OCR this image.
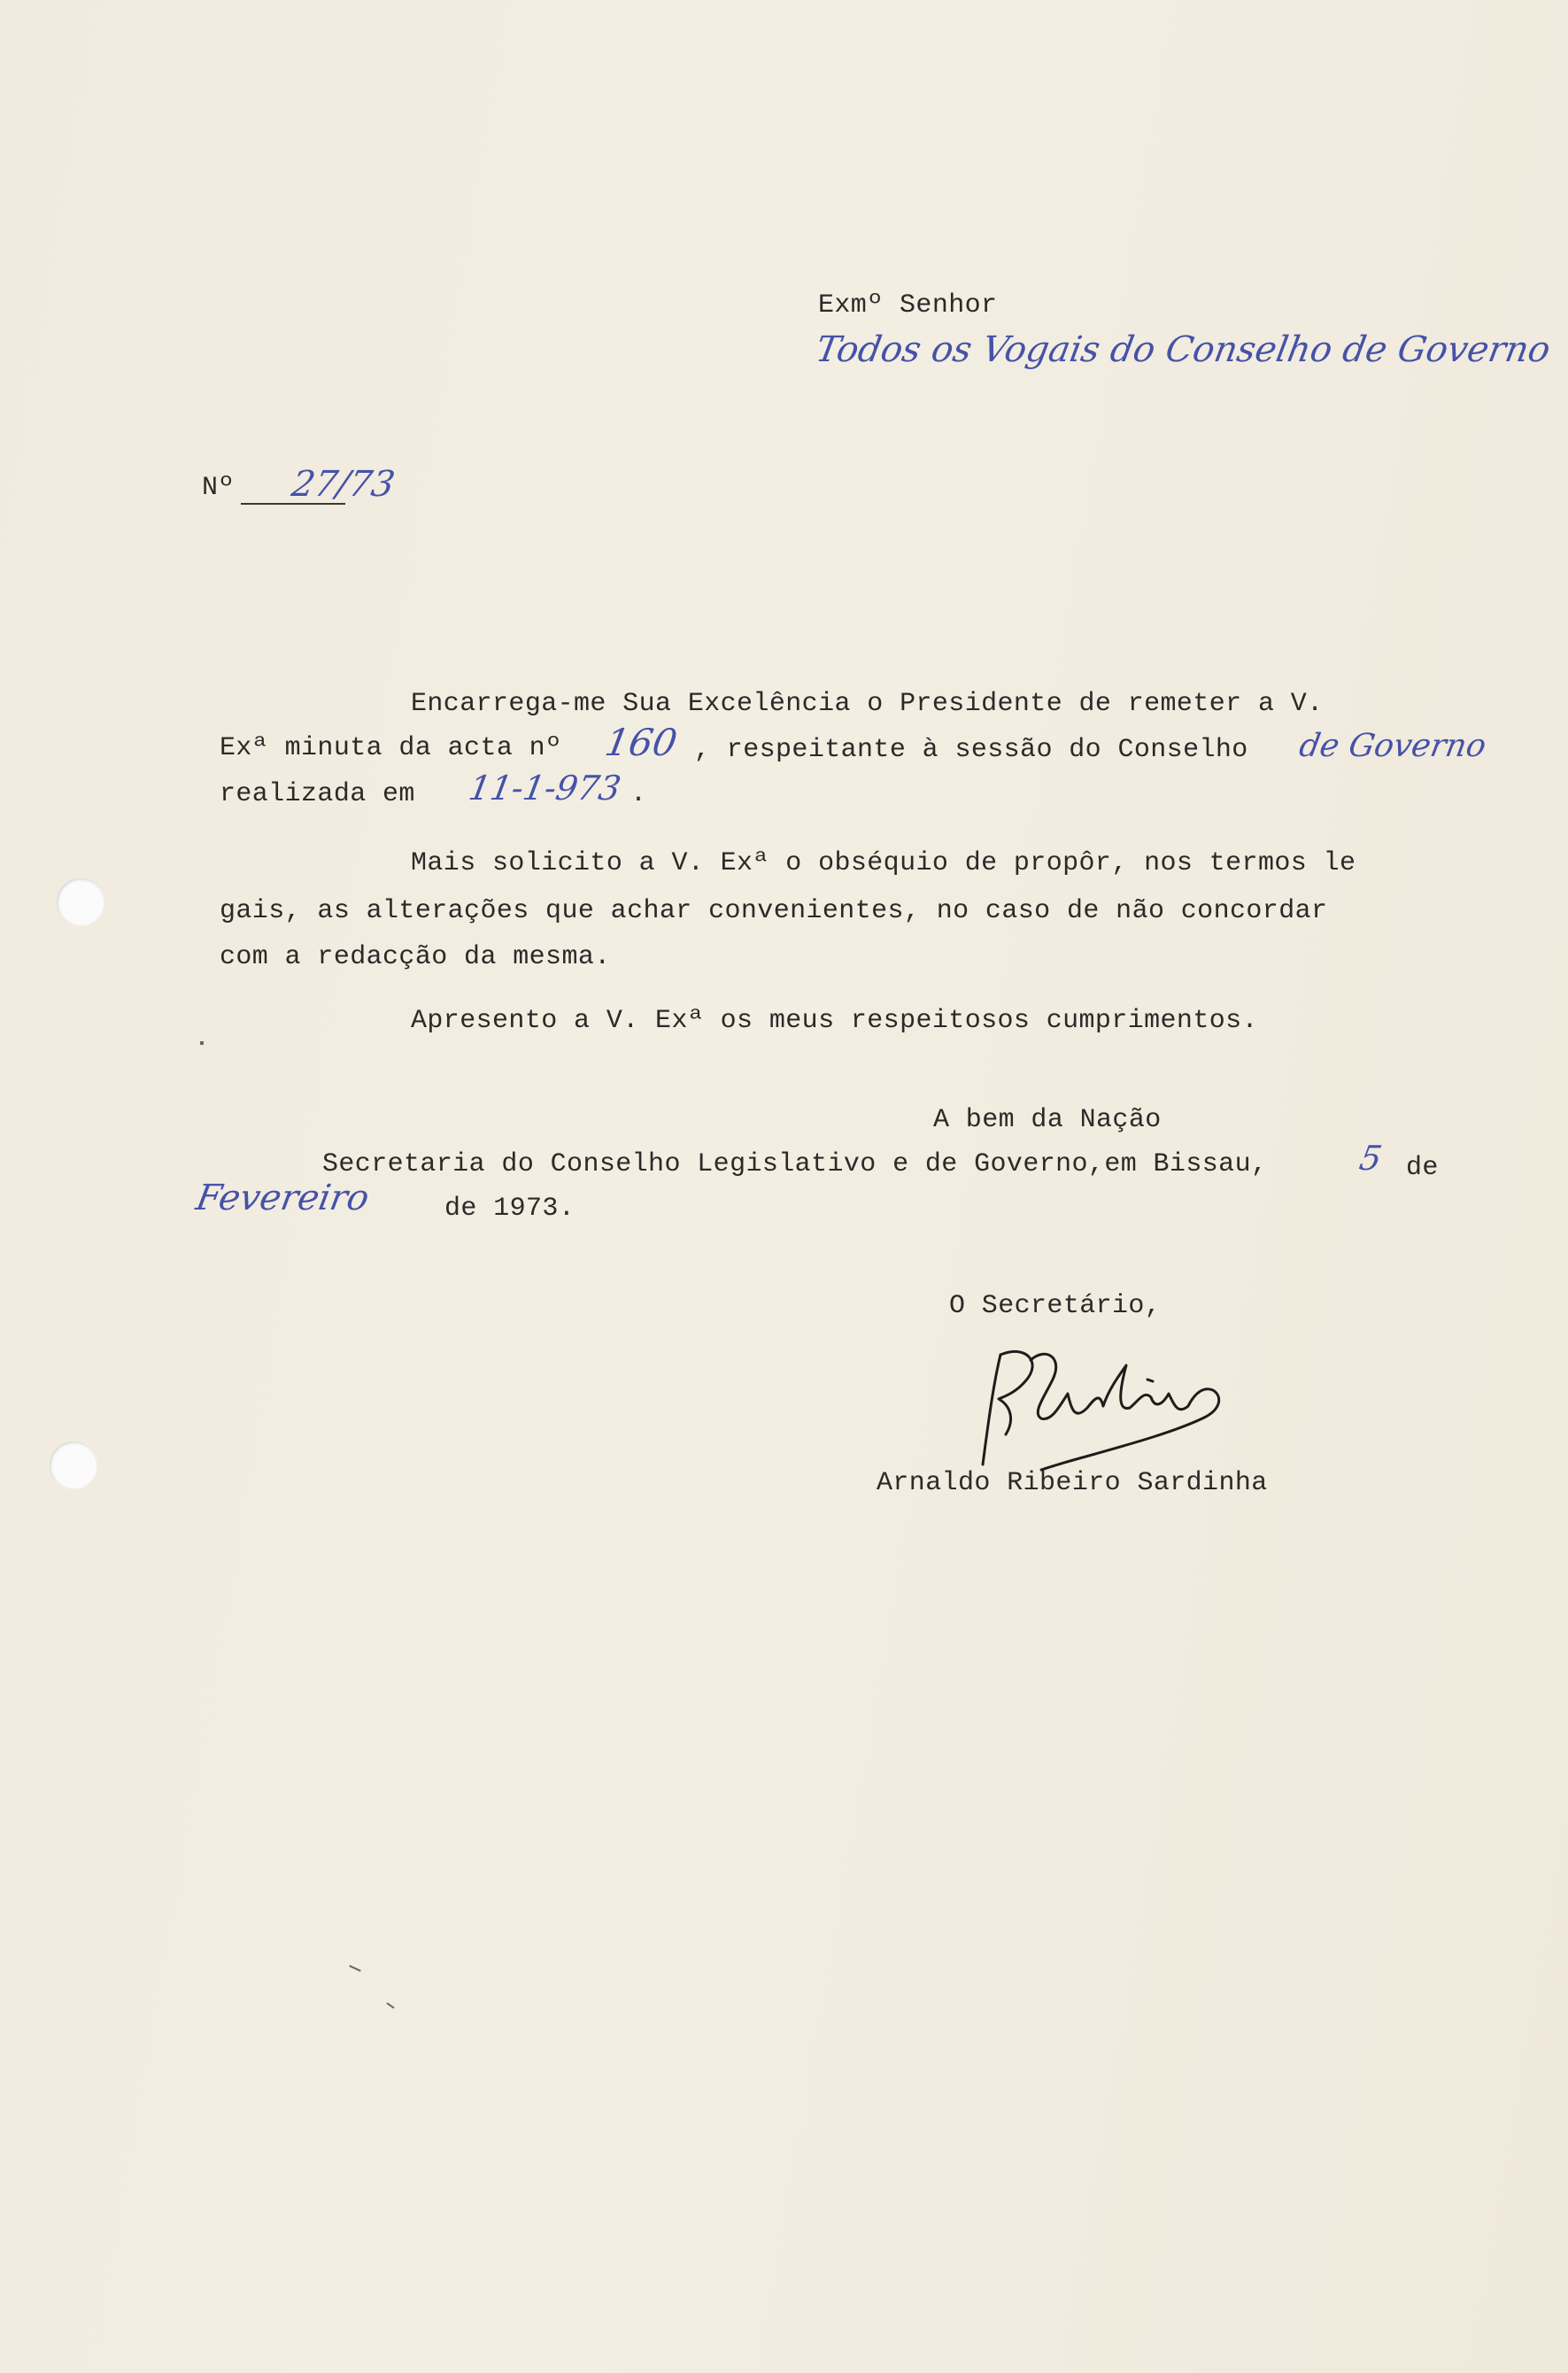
Exmº Senhor
Todos os Vogais do Conselho de Governo
Nº 27/73
Encarrega-me Sua Excelência o Presidente de remeter a V.
Exª minuta da acta nº 160 , respeitante à sessão do Conselho de Governo
realizada em 11-1-973 .
Mais solicito a V. Exª o obséquio de propôr, nos termos le
gais, as alterações que achar convenientes, no caso de não concordar
com a redacção da mesma.
Apresento a V. Exª os meus respeitosos cumprimentos.
A bem da Nação
Secretaria do Conselho Legislativo e de Governo,em Bissau,	5 de
Fevereiro	de 1973.
O Secretário,
Arnaldo Ribeiro Sardinha
